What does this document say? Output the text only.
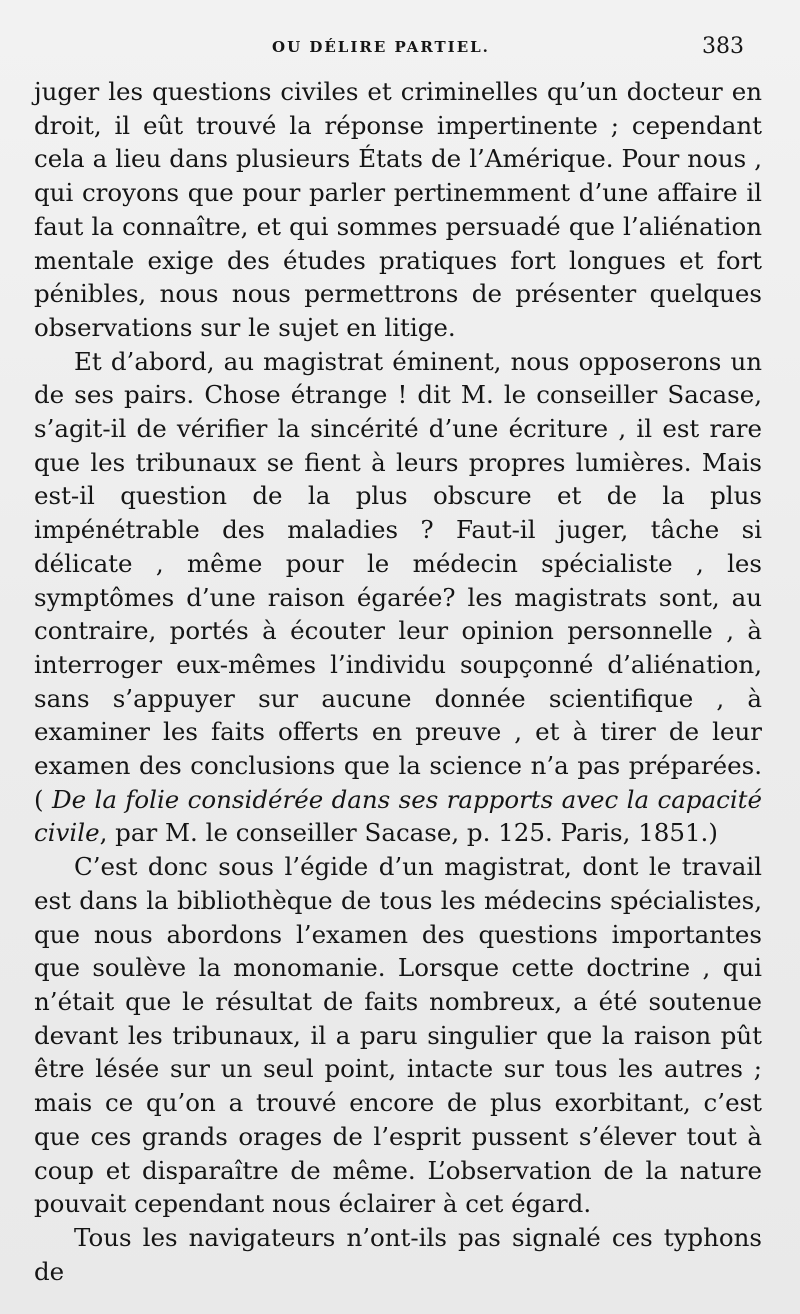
OU DÉLIRE PARTIEL.	383

juger les questions civiles et criminelles qu’un docteur en droit, il eût trouvé la réponse impertinente ; cependant cela a lieu dans plusieurs États de l’Amérique. Pour nous , qui croyons que pour parler pertinemment d’une affaire il faut la connaître, et qui sommes persuadé que l’aliénation mentale exige des études pratiques fort longues et fort pénibles, nous nous permettrons de présenter quelques observations sur le sujet en litige.

Et d’abord, au magistrat éminent, nous opposerons un de ses pairs. Chose étrange ! dit M. le conseiller Sacase, s’agit-il de vérifier la sincérité d’une écriture , il est rare que les tribunaux se fient à leurs propres lumières. Mais est-il question de la plus obscure et de la plus impénétrable des maladies ? Faut-il juger, tâche si délicate , même pour le médecin spécialiste , les symptômes d’une raison égarée? les magistrats sont, au contraire, portés à écouter leur opinion personnelle , à interroger eux-mêmes l’individu soupçonné d’aliénation, sans s’appuyer sur aucune donnée scientifique , à examiner les faits offerts en preuve , et à tirer de leur examen des conclusions que la science n’a pas préparées. ( De la folie considérée dans ses rapports avec la capacité civile, par M. le conseiller Sacase, p. 125. Paris, 1851.)

C’est donc sous l’égide d’un magistrat, dont le travail est dans la bibliothèque de tous les médecins spécialistes, que nous abordons l’examen des questions importantes que soulève la monomanie. Lorsque cette doctrine , qui n’était que le résultat de faits nombreux, a été soutenue devant les tribunaux, il a paru singulier que la raison pût être lésée sur un seul point, intacte sur tous les autres ; mais ce qu’on a trouvé encore de plus exorbitant, c’est que ces grands orages de l’esprit pussent s’élever tout à coup et disparaître de même. L’observation de la nature pouvait cependant nous éclairer à cet égard.

Tous les navigateurs n’ont-ils pas signalé ces typhons de
